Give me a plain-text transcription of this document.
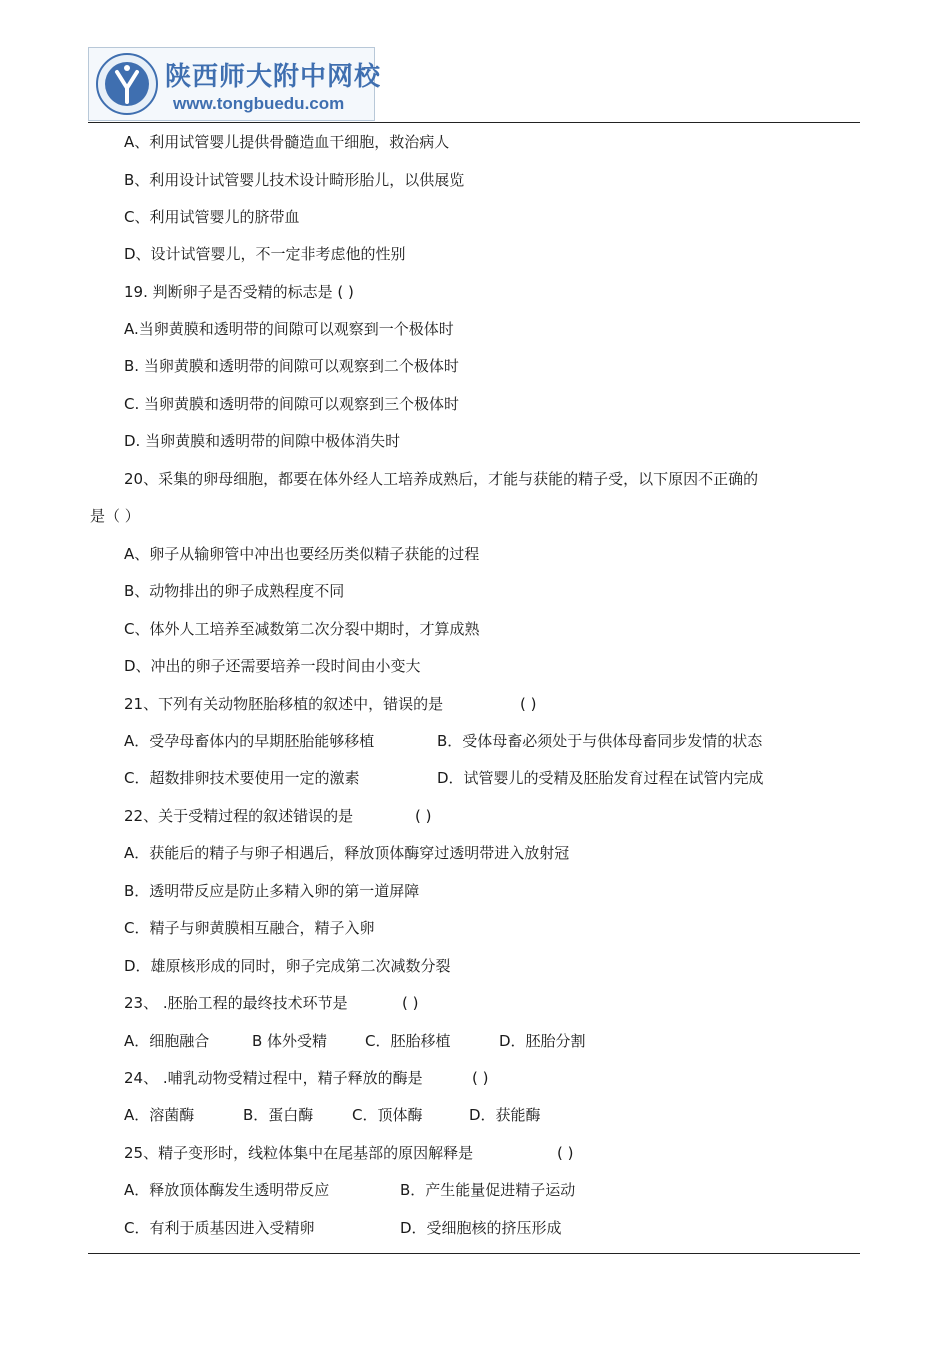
陕西师大附中网校
www.tongbuedu.com
A、利用试管婴儿提供骨髓造血干细胞，救治病人
B、利用设计试管婴儿技术设计畸形胎儿，以供展览
C、利用试管婴儿的脐带血
D、设计试管婴儿，不一定非考虑他的性别
19. 判断卵子是否受精的标志是 ( )
A.当卵黄膜和透明带的间隙可以观察到一个极体时
B. 当卵黄膜和透明带的间隙可以观察到二个极体时
C. 当卵黄膜和透明带的间隙可以观察到三个极体时
D. 当卵黄膜和透明带的间隙中极体消失时
20、采集的卵母细胞，都要在体外经人工培养成熟后，才能与获能的精子受，以下原因不正确的
是（ ）
A、卵子从输卵管中冲出也要经历类似精子获能的过程
B、动物排出的卵子成熟程度不同
C、体外人工培养至减数第二次分裂中期时，才算成熟
D、冲出的卵子还需要培养一段时间由小变大
21、下列有关动物胚胎移植的叙述中，错误的是	( )
A．受孕母畜体内的早期胚胎能够移植	B．受体母畜必须处于与供体母畜同步发情的状态
C．超数排卵技术要使用一定的激素	D．试管婴儿的受精及胚胎发育过程在试管内完成
22、关于受精过程的叙述错误的是	( )
A．获能后的精子与卵子相遇后，释放顶体酶穿过透明带进入放射冠
B．透明带反应是防止多精入卵的第一道屏障
C．精子与卵黄膜相互融合，精子入卵
D．雄原核形成的同时，卵子完成第二次减数分裂
23、 .胚胎工程的最终技术环节是	( )
A．细胞融合	B 体外受精	C．胚胎移植	D．胚胎分割
24、 .哺乳动物受精过程中，精子释放的酶是	( )
A．溶菌酶	B．蛋白酶	C．顶体酶	D．获能酶
25、精子变形时，线粒体集中在尾基部的原因解释是	( )
A．释放顶体酶发生透明带反应	B．产生能量促进精子运动
C．有利于质基因进入受精卵	D．受细胞核的挤压形成
